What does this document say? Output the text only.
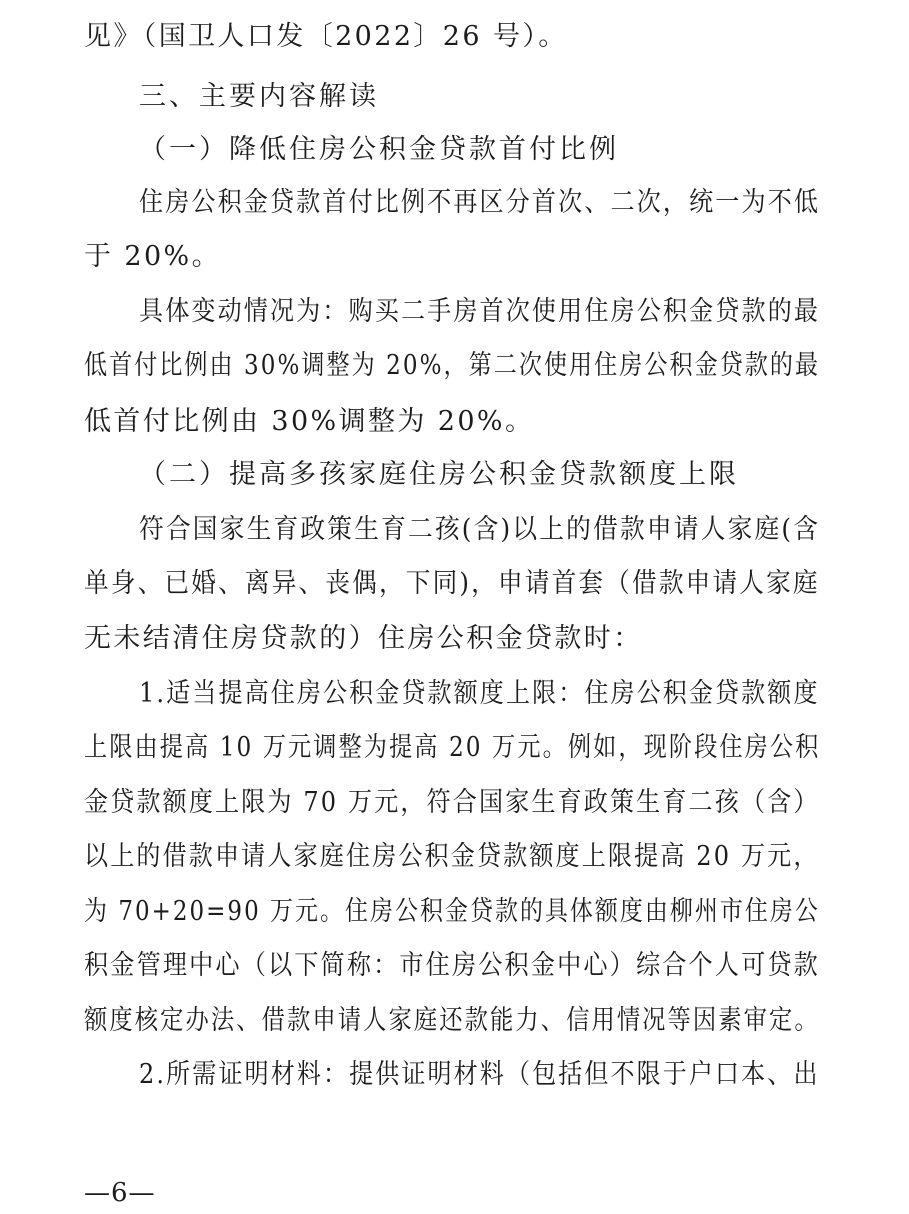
见》（国卫人口发〔2022〕26 号）。
三、主要内容解读
（一）降低住房公积金贷款首付比例
住房公积金贷款首付比例不再区分首次、二次，统一为不低
于 20%。
具体变动情况为：购买二手房首次使用住房公积金贷款的最
低首付比例由 30%调整为 20%，第二次使用住房公积金贷款的最
低首付比例由 30%调整为 20%。
（二）提高多孩家庭住房公积金贷款额度上限
符合国家生育政策生育二孩(含)以上的借款申请人家庭(含
单身、已婚、离异、丧偶，下同)，申请首套（借款申请人家庭
无未结清住房贷款的）住房公积金贷款时：
1.适当提高住房公积金贷款额度上限：住房公积金贷款额度
上限由提高 10 万元调整为提高 20 万元。例如，现阶段住房公积
金贷款额度上限为 70 万元，符合国家生育政策生育二孩（含）
以上的借款申请人家庭住房公积金贷款额度上限提高 20 万元，
为 70+20=90 万元。住房公积金贷款的具体额度由柳州市住房公
积金管理中心（以下简称：市住房公积金中心）综合个人可贷款
额度核定办法、借款申请人家庭还款能力、信用情况等因素审定。
2.所需证明材料：提供证明材料（包括但不限于户口本、出
—6—
